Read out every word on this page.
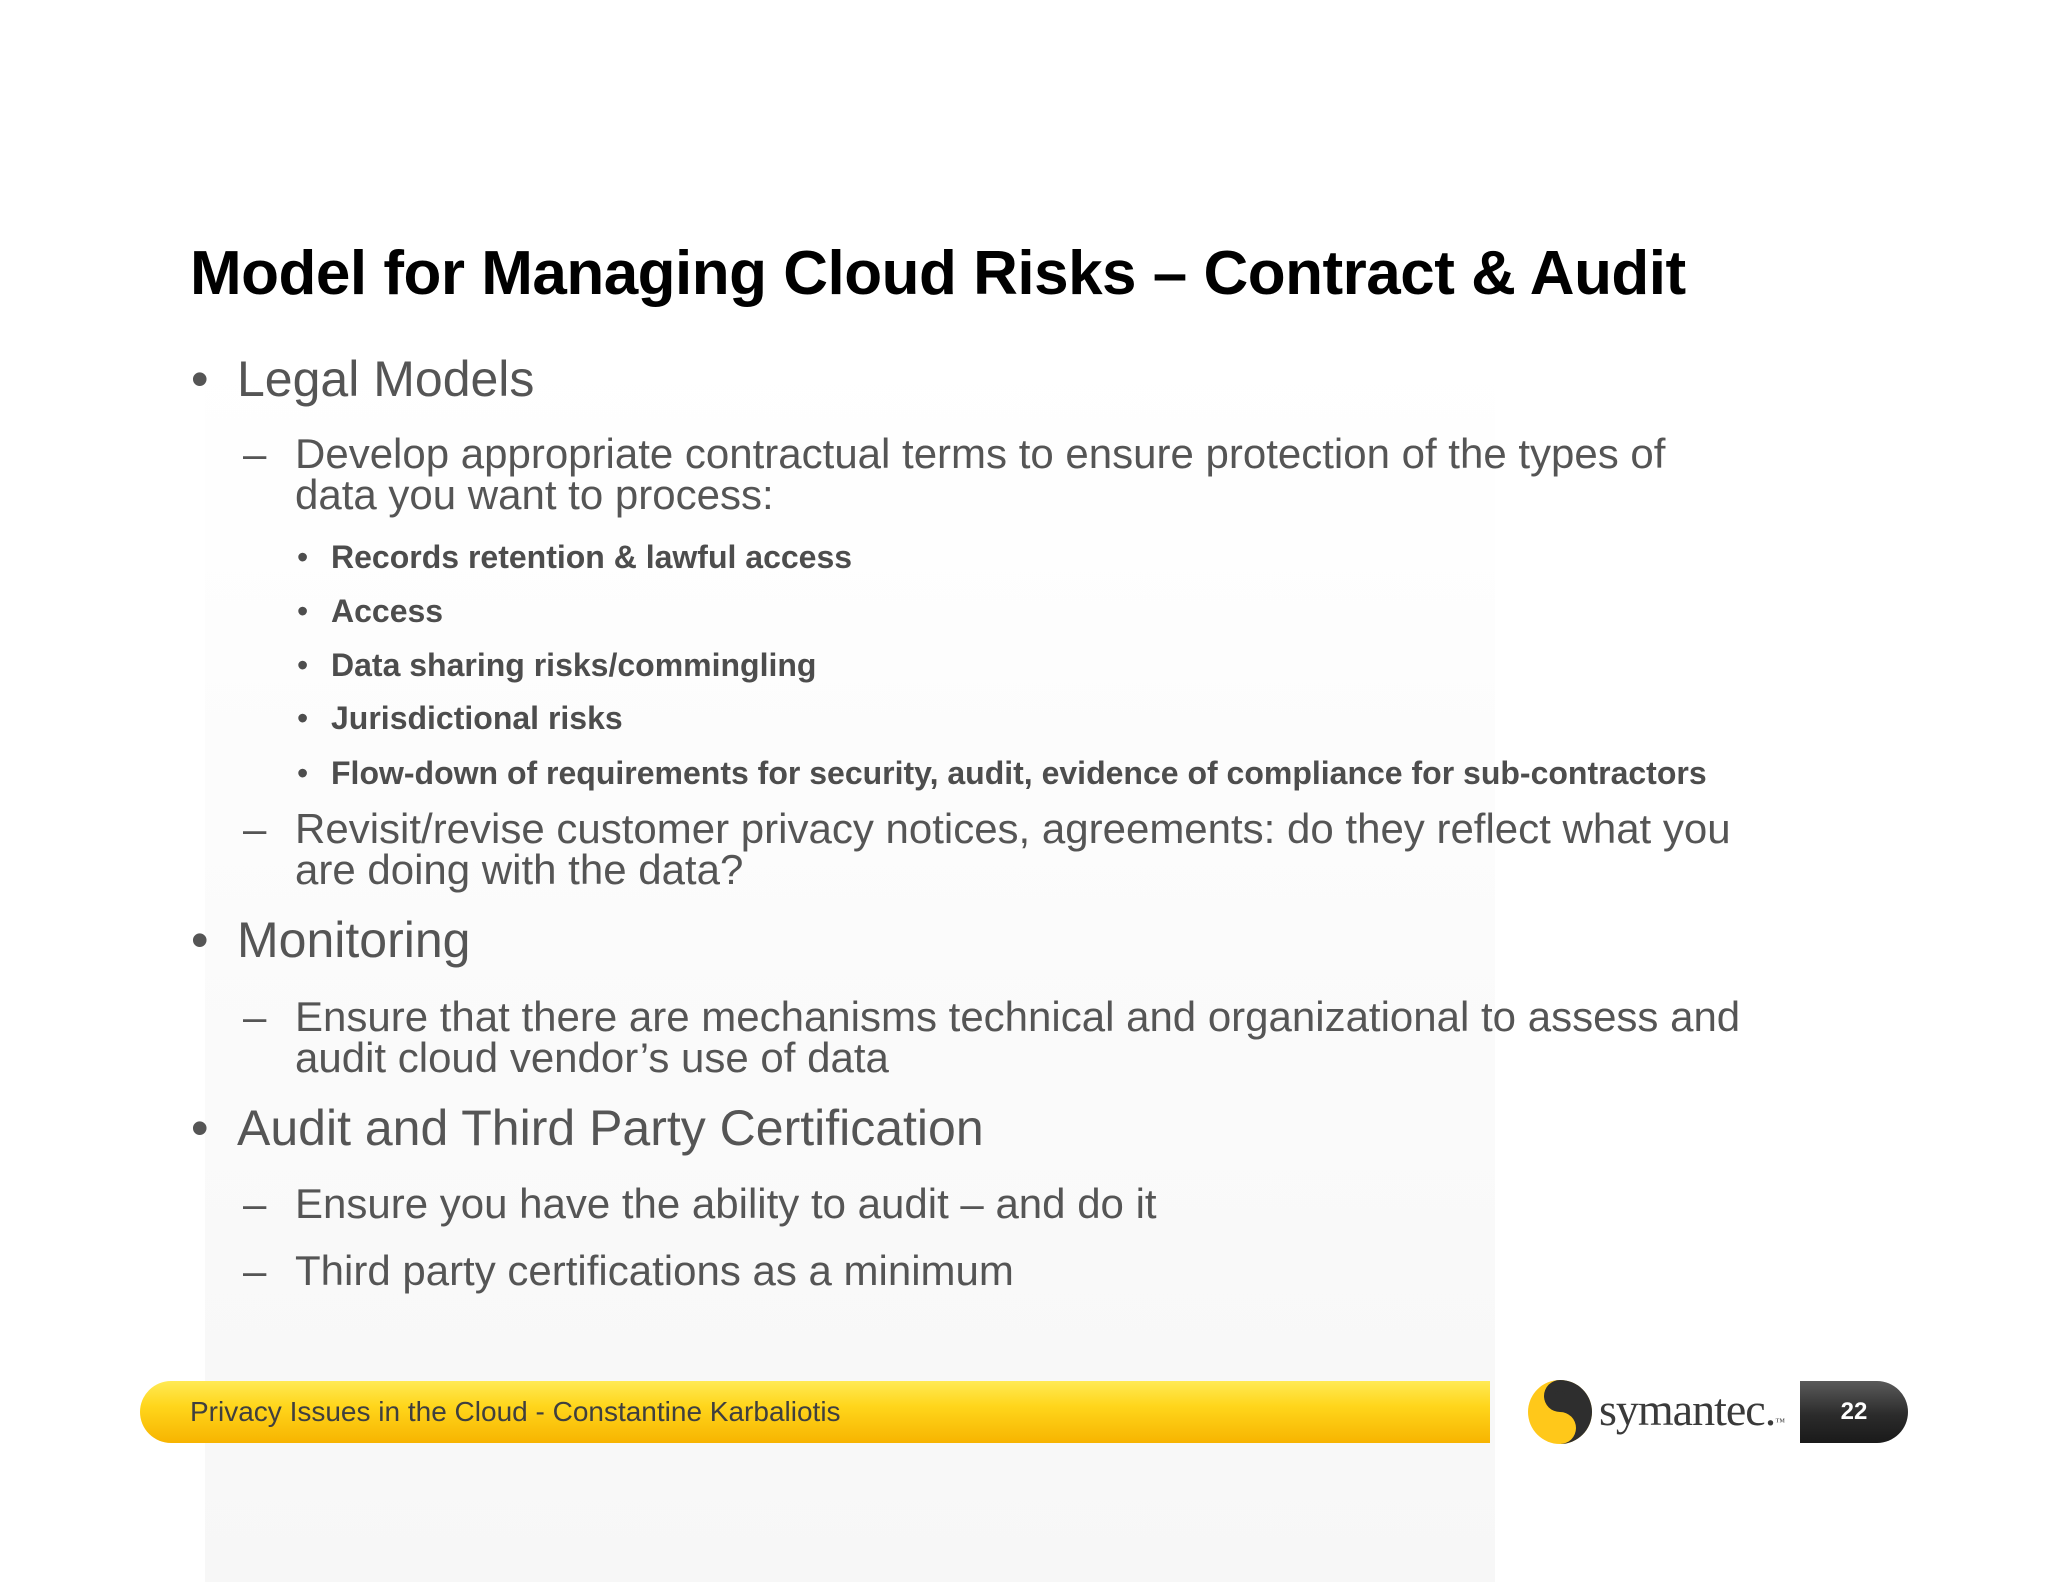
Model for Managing Cloud Risks – Contract & Audit
• Legal Models
– Develop appropriate contractual terms to ensure protection of the types of
data you want to process:
• Records retention & lawful access
• Access
• Data sharing risks/commingling
• Jurisdictional risks
• Flow-down of requirements for security, audit, evidence of compliance for sub-contractors
– Revisit/revise customer privacy notices, agreements: do they reflect what you
are doing with the data?
• Monitoring
– Ensure that there are mechanisms technical and organizational to assess and
audit cloud vendor’s use of data
• Audit and Third Party Certification
– Ensure you have the ability to audit – and do it
– Third party certifications as a minimum
Privacy Issues in the Cloud - Constantine Karbaliotis	symantec.™ 22
